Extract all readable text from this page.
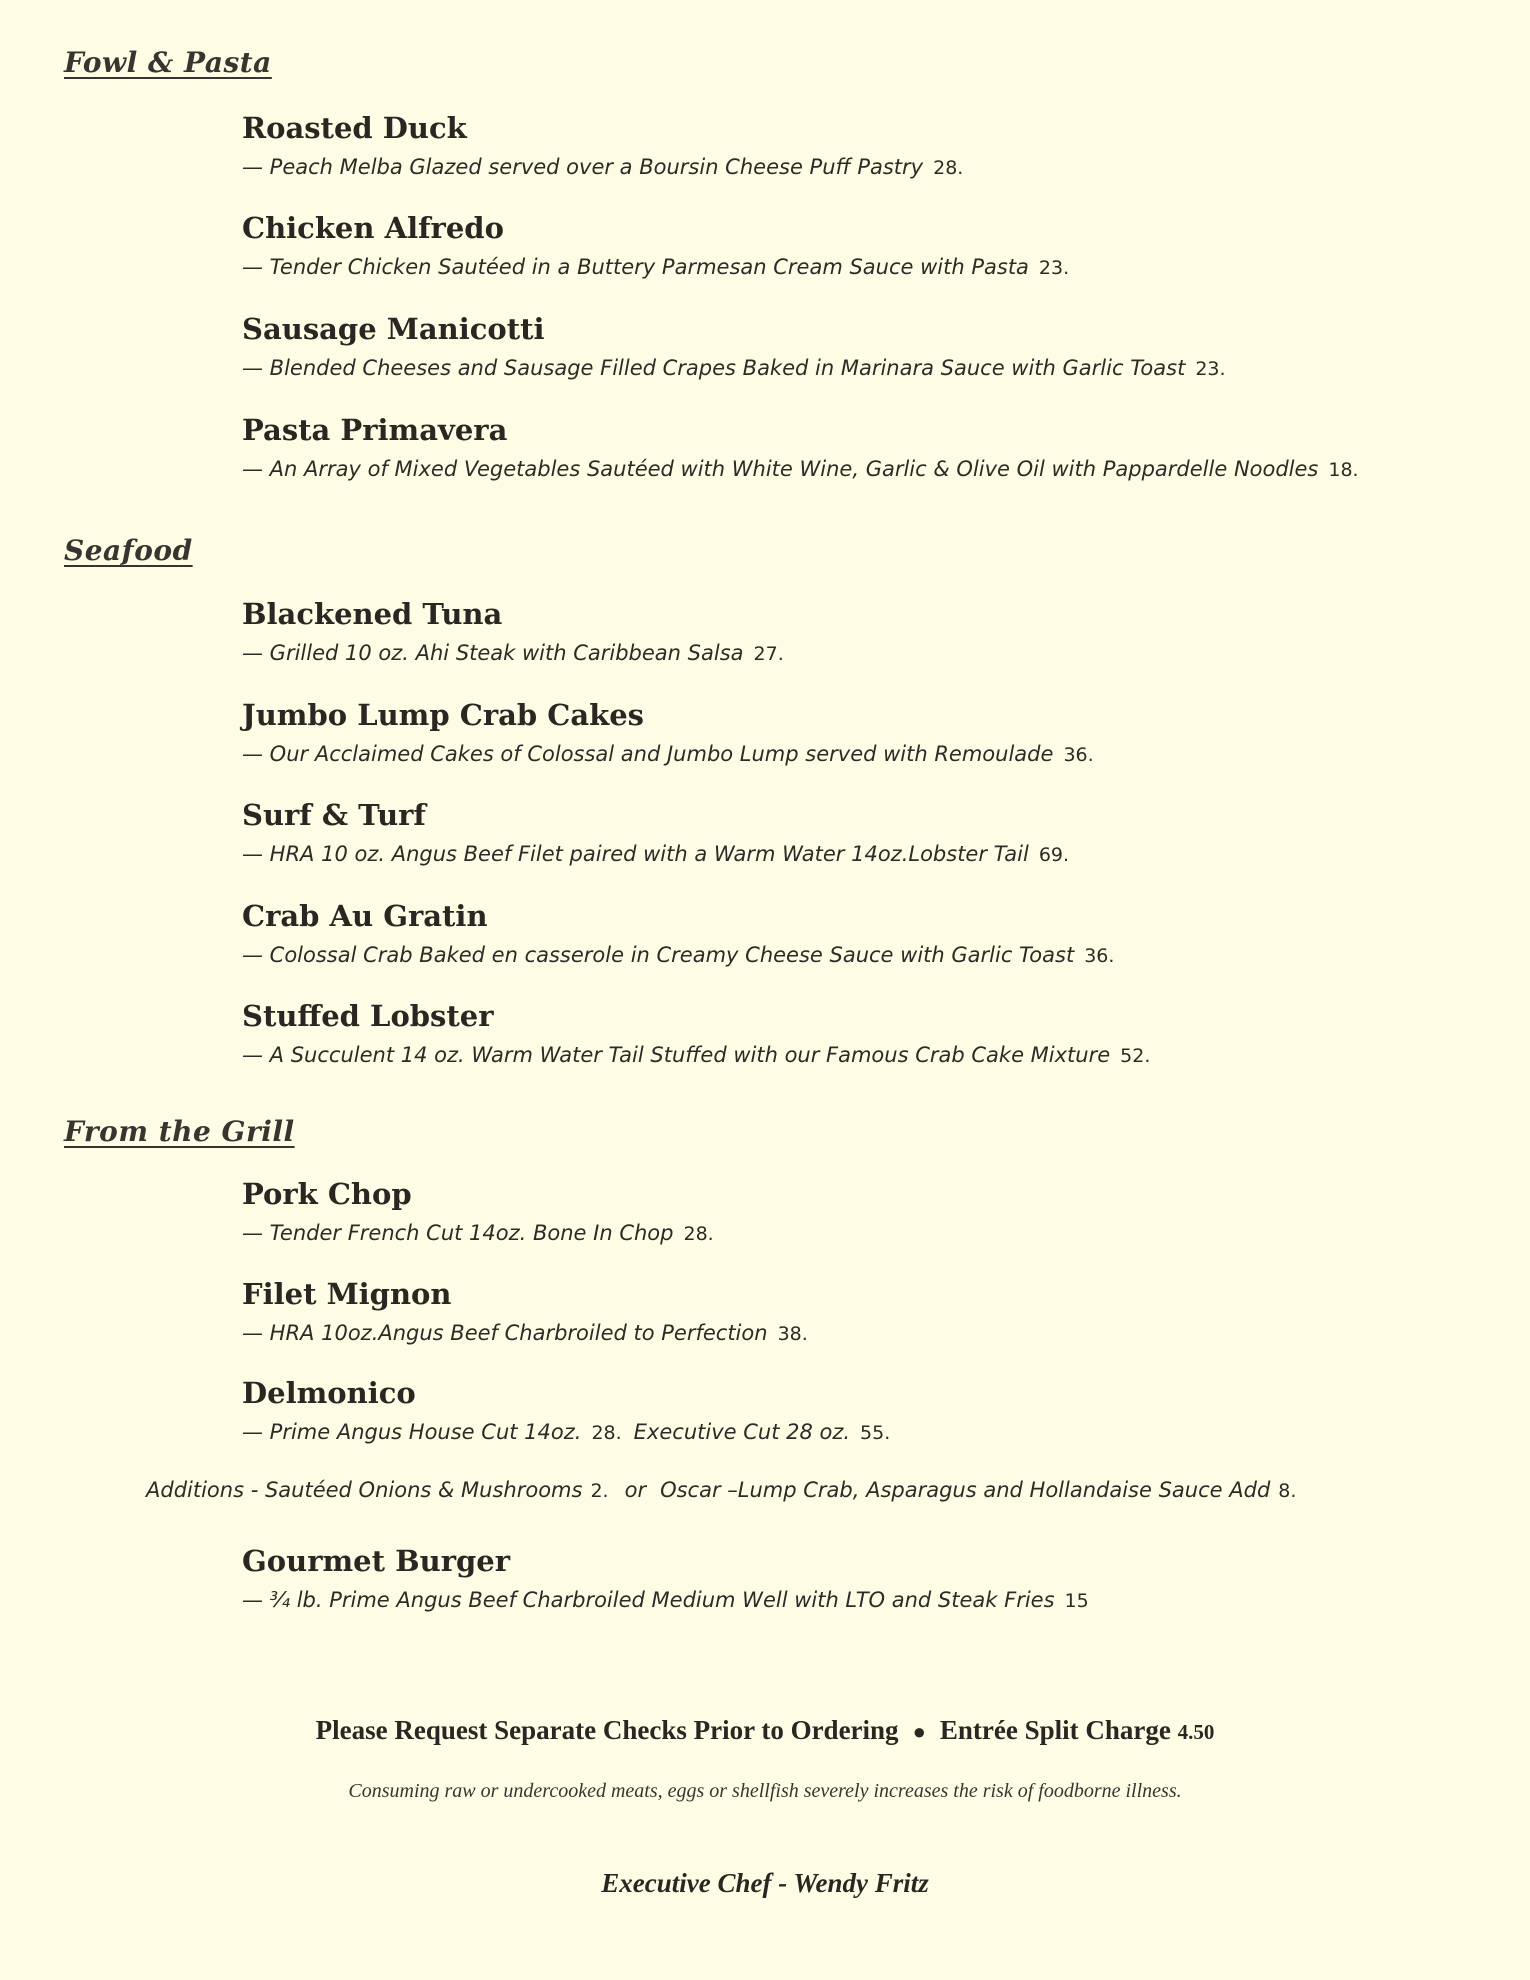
Fowl & Pasta
Roasted Duck
— Peach Melba Glazed served over a Boursin Cheese Puff Pastry 28.
Chicken Alfredo
— Tender Chicken Sautéed in a Buttery Parmesan Cream Sauce with Pasta 23.
Sausage Manicotti
— Blended Cheeses and Sausage Filled Crapes Baked in Marinara Sauce with Garlic Toast 23.
Pasta Primavera
— An Array of Mixed Vegetables Sautéed with White Wine, Garlic & Olive Oil with Pappardelle Noodles 18.
Seafood
Blackened Tuna
— Grilled 10 oz. Ahi Steak with Caribbean Salsa 27.
Jumbo Lump Crab Cakes
— Our Acclaimed Cakes of Colossal and Jumbo Lump served with Remoulade 36.
Surf & Turf
— HRA 10 oz. Angus Beef Filet paired with a Warm Water 14oz.Lobster Tail 69.
Crab Au Gratin
— Colossal Crab Baked en casserole in Creamy Cheese Sauce with Garlic Toast 36.
Stuffed Lobster
— A Succulent 14 oz. Warm Water Tail Stuffed with our Famous Crab Cake Mixture 52.
From the Grill
Pork Chop
— Tender French Cut 14oz. Bone In Chop 28.
Filet Mignon
— HRA 10oz.Angus Beef Charbroiled to Perfection 38.
Delmonico
— Prime Angus House Cut 14oz. 28. Executive Cut 28 oz. 55.
Additions - Sautéed Onions & Mushrooms 2. or Oscar –Lump Crab, Asparagus and Hollandaise Sauce Add 8.
Gourmet Burger
— ¾ lb. Prime Angus Beef Charbroiled Medium Well with LTO and Steak Fries 15
Please Request Separate Checks Prior to Ordering ● Entrée Split Charge 4.50
Consuming raw or undercooked meats, eggs or shellfish severely increases the risk of foodborne illness.
Executive Chef - Wendy Fritz
